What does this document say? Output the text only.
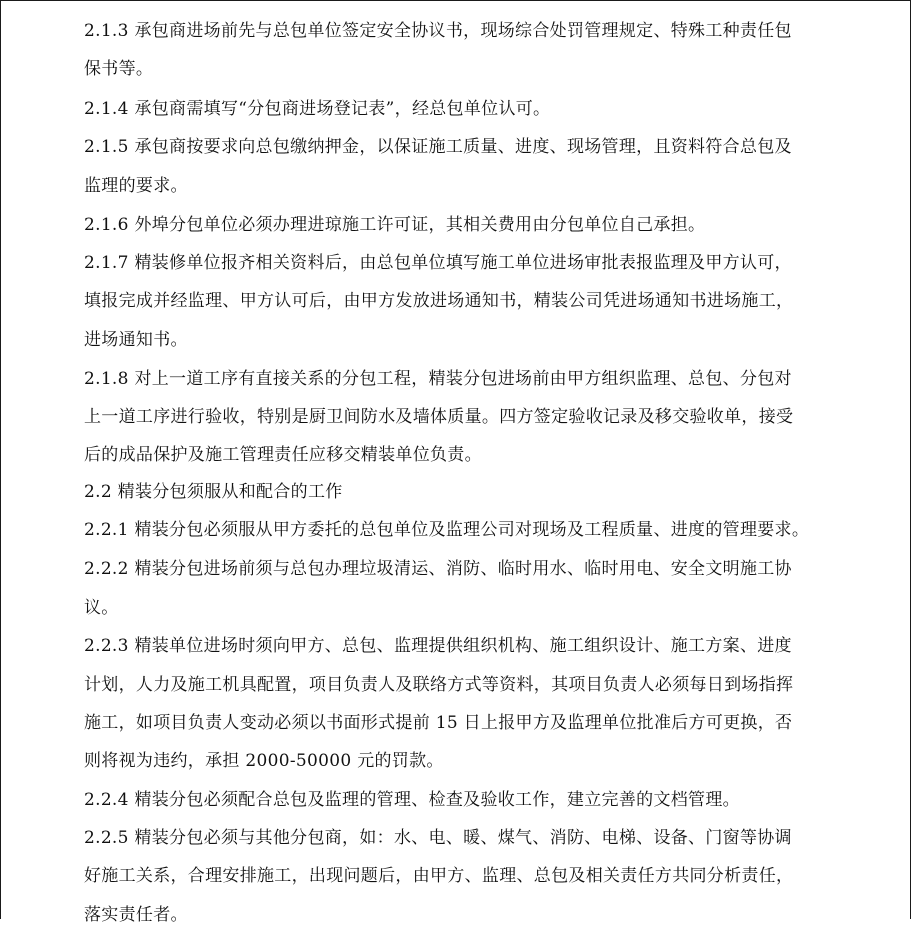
2.1.3 承包商进场前先与总包单位签定安全协议书，现场综合处罚管理规定、特殊工种责任包
保书等。
2.1.4 承包商需填写“分包商进场登记表”，经总包单位认可。
2.1.5 承包商按要求向总包缴纳押金，以保证施工质量、进度、现场管理，且资料符合总包及
监理的要求。
2.1.6 外埠分包单位必须办理进琼施工许可证，其相关费用由分包单位自己承担。
2.1.7 精装修单位报齐相关资料后，由总包单位填写施工单位进场审批表报监理及甲方认可，
填报完成并经监理、甲方认可后，由甲方发放进场通知书，精装公司凭进场通知书进场施工，
进场通知书。
2.1.8 对上一道工序有直接关系的分包工程，精装分包进场前由甲方组织监理、总包、分包对
上一道工序进行验收，特别是厨卫间防水及墙体质量。四方签定验收记录及移交验收单，接受
后的成品保护及施工管理责任应移交精装单位负责。
2.2 精装分包须服从和配合的工作
2.2.1 精装分包必须服从甲方委托的总包单位及监理公司对现场及工程质量、进度的管理要求。
2.2.2 精装分包进场前须与总包办理垃圾清运、消防、临时用水、临时用电、安全文明施工协
议。
2.2.3 精装单位进场时须向甲方、总包、监理提供组织机构、施工组织设计、施工方案、进度
计划，人力及施工机具配置，项目负责人及联络方式等资料，其项目负责人必须每日到场指挥
施工，如项目负责人变动必须以书面形式提前 15 日上报甲方及监理单位批准后方可更换，否
则将视为违约，承担 2000-50000 元的罚款。
2.2.4 精装分包必须配合总包及监理的管理、检查及验收工作，建立完善的文档管理。
2.2.5 精装分包必须与其他分包商，如：水、电、暖、煤气、消防、电梯、设备、门窗等协调
好施工关系，合理安排施工，出现问题后，由甲方、监理、总包及相关责任方共同分析责任，
落实责任者。
